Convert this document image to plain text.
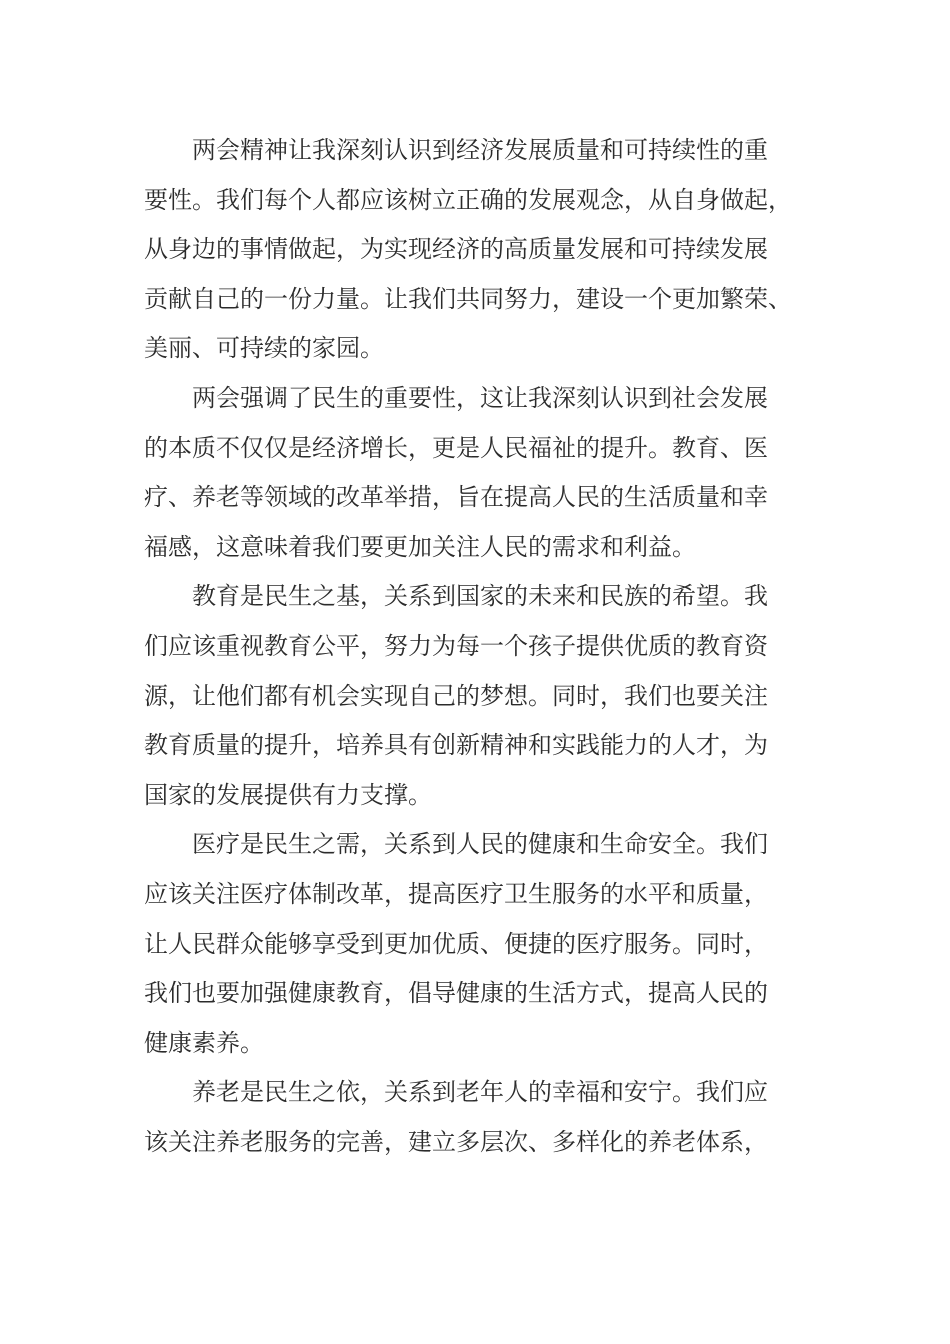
两会精神让我深刻认识到经济发展质量和可持续性的重
要性。我们每个人都应该树立正确的发展观念，从自身做起，
从身边的事情做起，为实现经济的高质量发展和可持续发展
贡献自己的一份力量。让我们共同努力，建设一个更加繁荣、
美丽、可持续的家园。

两会强调了民生的重要性，这让我深刻认识到社会发展
的本质不仅仅是经济增长，更是人民福祉的提升。教育、医
疗、养老等领域的改革举措，旨在提高人民的生活质量和幸
福感，这意味着我们要更加关注人民的需求和利益。

教育是民生之基，关系到国家的未来和民族的希望。我
们应该重视教育公平，努力为每一个孩子提供优质的教育资
源，让他们都有机会实现自己的梦想。同时，我们也要关注
教育质量的提升，培养具有创新精神和实践能力的人才，为
国家的发展提供有力支撑。

医疗是民生之需，关系到人民的健康和生命安全。我们
应该关注医疗体制改革，提高医疗卫生服务的水平和质量，
让人民群众能够享受到更加优质、便捷的医疗服务。同时，
我们也要加强健康教育，倡导健康的生活方式，提高人民的
健康素养。

养老是民生之依，关系到老年人的幸福和安宁。我们应
该关注养老服务的完善，建立多层次、多样化的养老体系，
